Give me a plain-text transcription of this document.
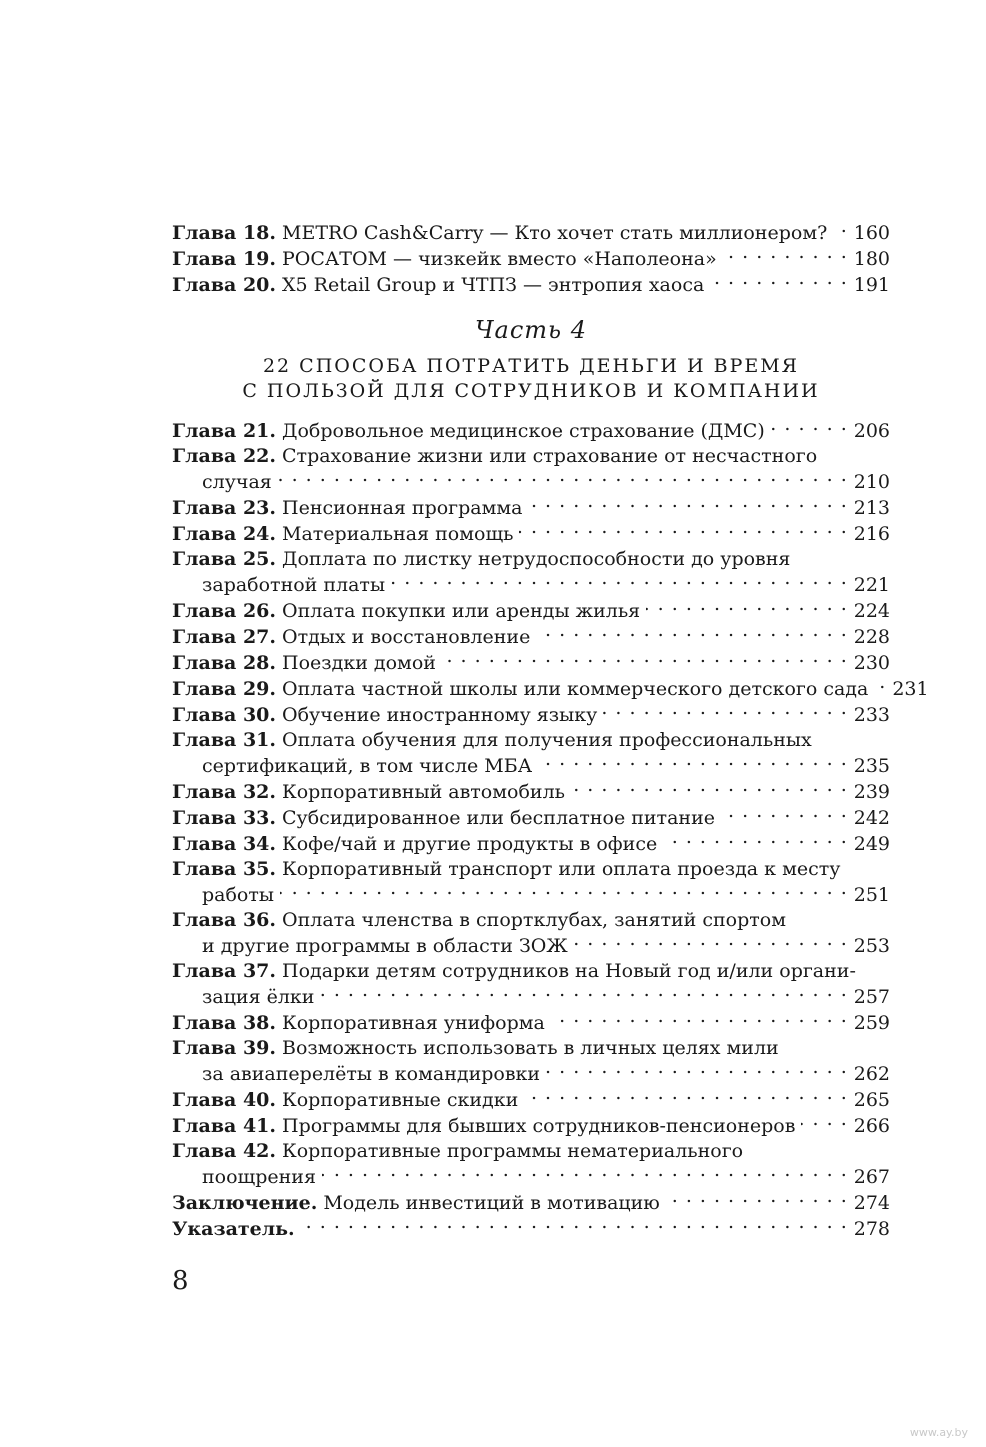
Глава 18. METRO Cash&Carry — Кто хочет стать миллионером? . . . 160
Глава 19. РОСАТОМ — чизкейк вместо «Наполеона» . . .	180
Глава 20. X5 Retail Group и ЧТПЗ — энтропия хаоса . . .	191
Часть 4
22 СПОСОБА ПОТРАТИТЬ ДЕНЬГИ И ВРЕМЯ
С ПОЛЬЗОЙ ДЛЯ СОТРУДНИКОВ И КОМПАНИИ
Глава 21. Добровольное медицинское страхование (ДМС) . . .	206
Глава 22. Страхование жизни или страхование от несчастного
случая . . .	210
Глава 23. Пенсионная программа . . .	213
Глава 24. Материальная помощь . . .	216
Глава 25. Доплата по листку нетрудоспособности до уровня
заработной платы . . .	221
Глава 26. Оплата покупки или аренды жилья . . .	224
Глава 27. Отдых и восстановление . . .	228
Глава 28. Поездки домой . . .	230
Глава 29. Оплата частной школы или коммерческого детского сада . . . 231
Глава 30. Обучение иностранному языку . . .	233
Глава 31. Оплата обучения для получения профессиональных
сертификаций, в том числе МБА . . .	235
Глава 32. Корпоративный автомобиль . . .	239
Глава 33. Субсидированное или бесплатное питание . . .	242
Глава 34. Кофе/чай и другие продукты в офисе . . .	249
Глава 35. Корпоративный транспорт или оплата проезда к месту
работы . . .	251
Глава 36. Оплата членства в спортклубах, занятий спортом
и другие программы в области ЗОЖ . . .	253
Глава 37. Подарки детям сотрудников на Новый год и/или органи-
зация ёлки . . .	257
Глава 38. Корпоративная униформа . . .	259
Глава 39. Возможность использовать в личных целях мили
за авиаперелёты в командировки . . .	262
Глава 40. Корпоративные скидки . . .	265
Глава 41. Программы для бывших сотрудников-пенсионеров . . .	266
Глава 42. Корпоративные программы нематериального
поощрения . . .	267
Заключение. Модель инвестиций в мотивацию . . .	274
Указатель. . . .	278
8
www.ay.by
